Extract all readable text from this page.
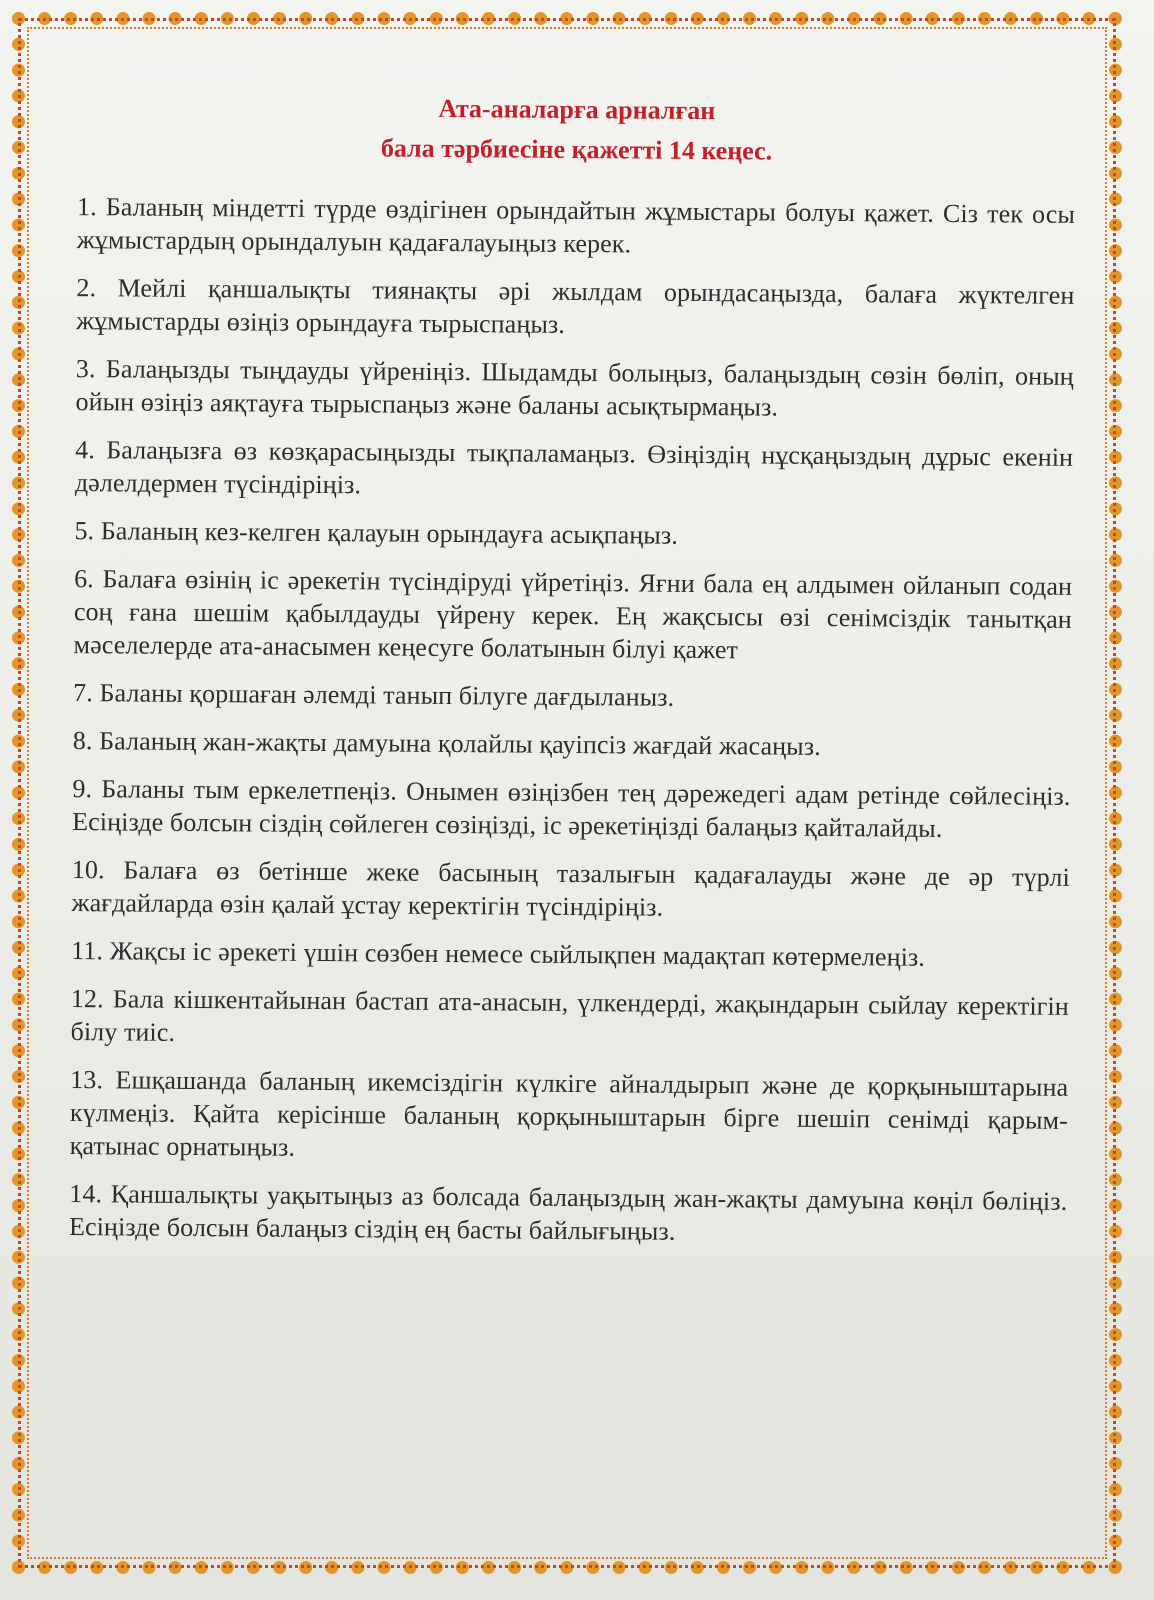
Ата-аналарға арналған
бала тәрбиесіне қажетті 14 кеңес.
1. Баланың міндетті түрде өздігінен орындайтын жұмыстары болуы қажет. Сіз тек осы жұмыстардың орындалуын қадағалауыңыз керек.
2. Мейлі қаншалықты тиянақты әрі жылдам орындасаңызда, балаға жүктелген жұмыстарды өзіңіз орындауға тырыспаңыз.
3. Балаңызды тыңдауды үйреніңіз. Шыдамды болыңыз, балаңыздың сөзін бөліп, оның ойын өзіңіз аяқтауға тырыспаңыз және баланы асықтырмаңыз.
4. Балаңызға өз көзқарасыңызды тықпаламаңыз. Өзіңіздің нұсқаңыздың дұрыс екенін дәлелдермен түсіндіріңіз.
5. Баланың кез-келген қалауын орындауға асықпаңыз.
6. Балаға өзінің іс әрекетін түсіндіруді үйретіңіз. Яғни бала ең алдымен ойланып содан соң ғана шешім қабылдауды үйрену керек. Ең жақсысы өзі сенімсіздік танытқан мәселелерде ата-анасымен кеңесуге болатынын білуі қажет
7. Баланы қоршаған әлемді танып білуге дағдыланыз.
8. Баланың жан-жақты дамуына қолайлы қауіпсіз жағдай жасаңыз.
9. Баланы тым еркелетпеңіз. Онымен өзіңізбен тең дәрежедегі адам ретінде сөйлесіңіз. Есіңізде болсын сіздің сөйлеген сөзіңізді, іс әрекетіңізді балаңыз қайталайды.
10. Балаға өз бетінше жеке басының тазалығын қадағалауды және де әр түрлі жағдайларда өзін қалай ұстау керектігін түсіндіріңіз.
11. Жақсы іс әрекеті үшін сөзбен немесе сыйлықпен мадақтап көтермелеңіз.
12. Бала кішкентайынан бастап ата-анасын, үлкендерді, жақындарын сыйлау керектігін білу тиіс.
13. Ешқашанда баланың икемсіздігін күлкіге айналдырып және де қорқыныштарына күлмеңіз. Қайта керісінше баланың қорқыныштарын бірге шешіп сенімді қарым-қатынас орнатыңыз.
14. Қаншалықты уақытыңыз аз болсада балаңыздың жан-жақты дамуына көңіл бөліңіз. Есіңізде болсын балаңыз сіздің ең басты байлығыңыз.
